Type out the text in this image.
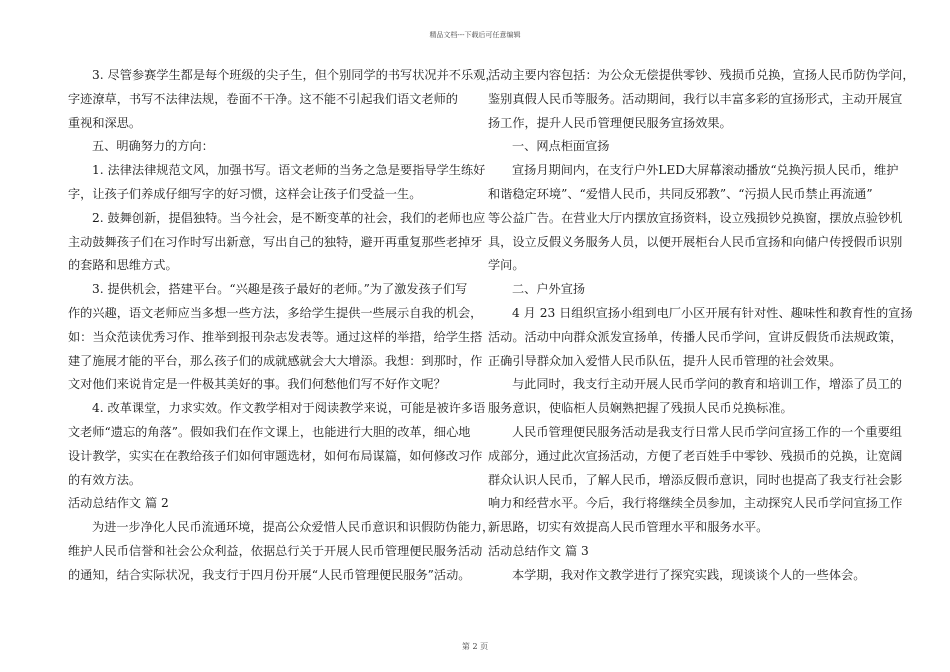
精品文档---下载后可任意编辑
3. 尽管参赛学生都是每个班级的尖子生，但个别同学的书写状况并不乐观，
字迹潦草，书写不法律法规，卷面不干净。这不能不引起我们语文老师的
重视和深思。
五、明确努力的方向：
1. 法律法律规范文风，加强书写。语文老师的当务之急是要指导学生练好
字，让孩子们养成仔细写字的好习惯，这样会让孩子们受益一生。
2. 鼓舞创新，提倡独特。当今社会，是不断变革的社会，我们的老师也应
主动鼓舞孩子们在习作时写出新意，写出自己的独特，避开再重复那些老掉牙
的套路和思维方式。
3. 提供机会，搭建平台。“兴趣是孩子最好的老师。”为了激发孩子们写
作的兴趣，语文老师应当多想一些方法，多给学生提供一些展示自我的机会，
如：当众范读优秀习作、推举到报刊杂志发表等。通过这样的举措，给学生搭
建了施展才能的平台，那么孩子们的成就感就会大大增添。我想：到那时，作
文对他们来说肯定是一件极其美好的事。我们何愁他们写不好作文呢？
4. 改革课堂，力求实效。作文教学相对于阅读教学来说，可能是被许多语
文老师“遗忘的角落”。假如我们在作文课上，也能进行大胆的改革，细心地
设计教学，实实在在教给孩子们如何审题选材，如何布局谋篇，如何修改习作
的有效方法。
活动总结作文 篇 2
为进一步净化人民币流通环境，提高公众爱惜人民币意识和识假防伪能力，
维护人民币信誉和社会公众利益，依据总行关于开展人民币管理便民服务活动
的通知，结合实际状况，我支行于四月份开展“人民币管理便民服务”活动。
活动主要内容包括：为公众无偿提供零钞、残损币兑换，宣扬人民币防伪学问，
鉴别真假人民币等服务。活动期间，我行以丰富多彩的宣扬形式，主动开展宣
扬工作，提升人民币管理便民服务宣扬效果。
一、网点柜面宣扬
宣扬月期间内，在支行户外LED大屏幕滚动播放“兑换污损人民币，维护
和谐稳定环境”、“爱惜人民币，共同反邪教”、“污损人民币禁止再流通”
等公益广告。在营业大厅内摆放宣扬资料，设立残损钞兑换窗，摆放点验钞机
具，设立反假义务服务人员，以便开展柜台人民币宣扬和向储户传授假币识别
学问。
二、户外宣扬
4 月 23 日组织宣扬小组到电厂小区开展有针对性、趣味性和教育性的宣扬
活动。活动中向群众派发宣扬单，传播人民币学问，宣讲反假货币法规政策，
正确引导群众加入爱惜人民币队伍，提升人民币管理的社会效果。
与此同时，我支行主动开展人民币学问的教育和培训工作，增添了员工的
服务意识，使临柜人员娴熟把握了残损人民币兑换标准。
人民币管理便民服务活动是我支行日常人民币学问宣扬工作的一个重要组
成部分，通过此次宣扬活动，方便了老百姓手中零钞、残损币的兑换，让宽阔
群众认识人民币，了解人民币，增添反假币意识，同时也提高了我支行社会影
响力和经营水平。今后，我行将继续全员参加，主动探究人民币学问宣扬工作
新思路，切实有效提高人民币管理水平和服务水平。
活动总结作文 篇 3
本学期，我对作文教学进行了探究实践，现谈谈个人的一些体会。
第 2 页
